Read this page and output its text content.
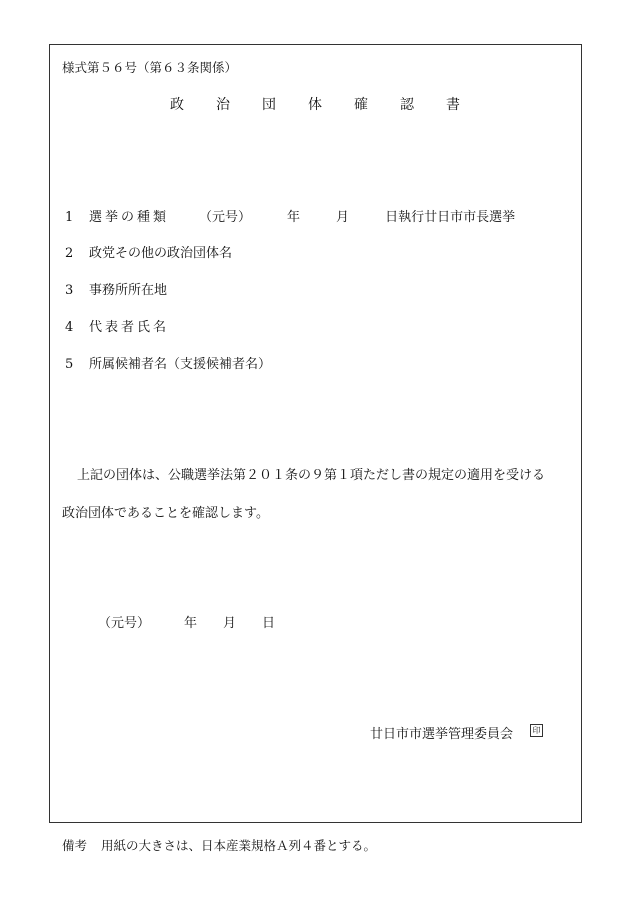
様式第５６号（第６３条関係）
政	治	団	体	確	認	書
1 選挙の種類 （元号）	年	月	日執行廿日市市長選挙
2 政党その他の政治団体名
3 事務所所在地
4 代表者氏名
5 所属候補者名（支援候補者名）
上記の団体は、公職選挙法第２０１条の９第１項ただし書の規定の適用を受ける
政治団体であることを確認します。
（元号）	年 月 日
廿日市市選挙管理委員会	印
備考 用紙の大きさは、日本産業規格Ａ列４番とする。
